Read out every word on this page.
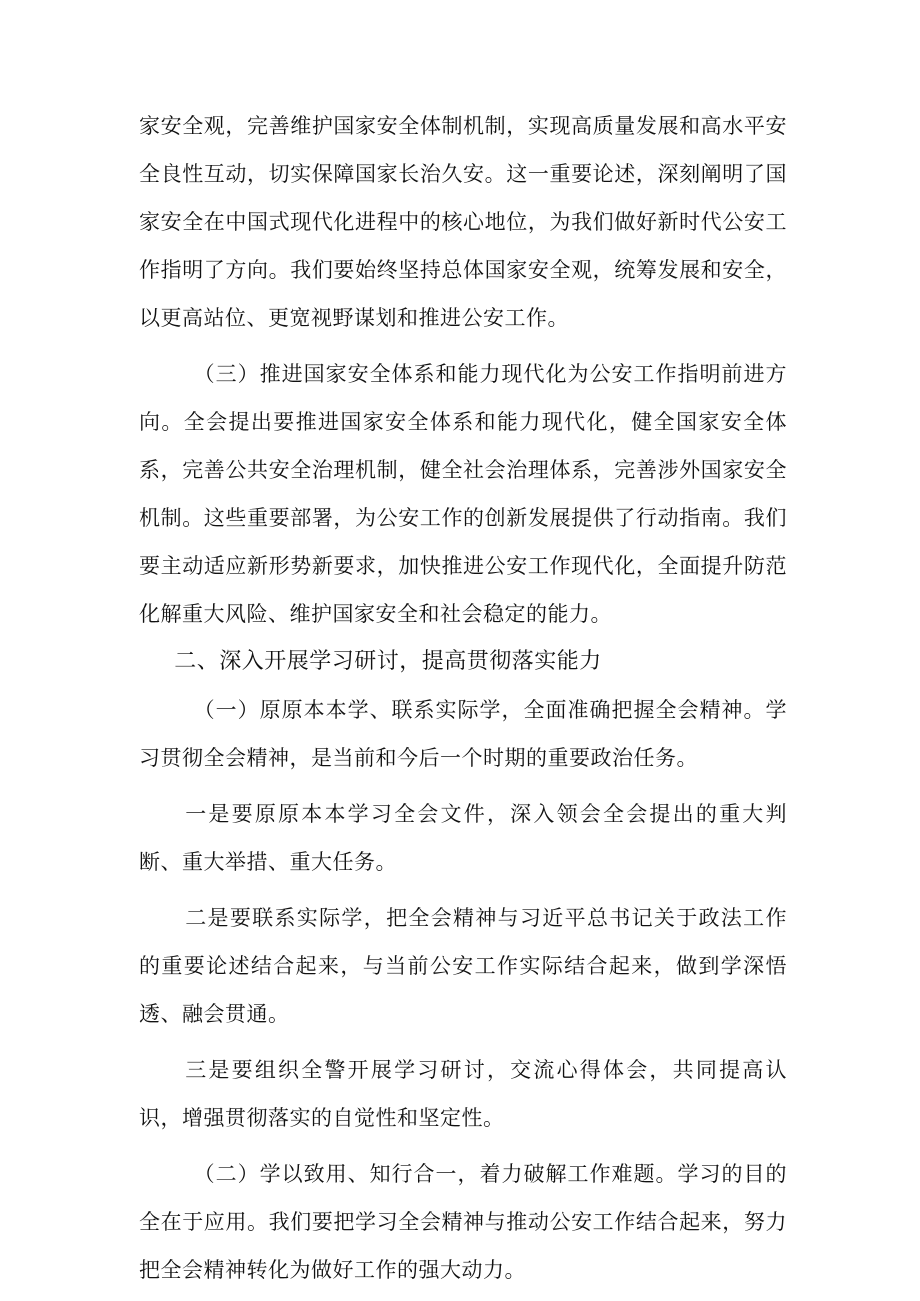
家安全观，完善维护国家安全体制机制，实现高质量发展和高水平安全良性互动，切实保障国家长治久安。这一重要论述，深刻阐明了国家安全在中国式现代化进程中的核心地位，为我们做好新时代公安工作指明了方向。我们要始终坚持总体国家安全观，统筹发展和安全，以更高站位、更宽视野谋划和推进公安工作。

（三）推进国家安全体系和能力现代化为公安工作指明前进方向。全会提出要推进国家安全体系和能力现代化，健全国家安全体系，完善公共安全治理机制，健全社会治理体系，完善涉外国家安全机制。这些重要部署，为公安工作的创新发展提供了行动指南。我们要主动适应新形势新要求，加快推进公安工作现代化，全面提升防范化解重大风险、维护国家安全和社会稳定的能力。

二、深入开展学习研讨，提高贯彻落实能力

（一）原原本本学、联系实际学，全面准确把握全会精神。学习贯彻全会精神，是当前和今后一个时期的重要政治任务。

一是要原原本本学习全会文件，深入领会全会提出的重大判断、重大举措、重大任务。

二是要联系实际学，把全会精神与习近平总书记关于政法工作的重要论述结合起来，与当前公安工作实际结合起来，做到学深悟透、融会贯通。

三是要组织全警开展学习研讨，交流心得体会，共同提高认识，增强贯彻落实的自觉性和坚定性。

（二）学以致用、知行合一，着力破解工作难题。学习的目的全在于应用。我们要把学习全会精神与推动公安工作结合起来，努力把全会精神转化为做好工作的强大动力。
